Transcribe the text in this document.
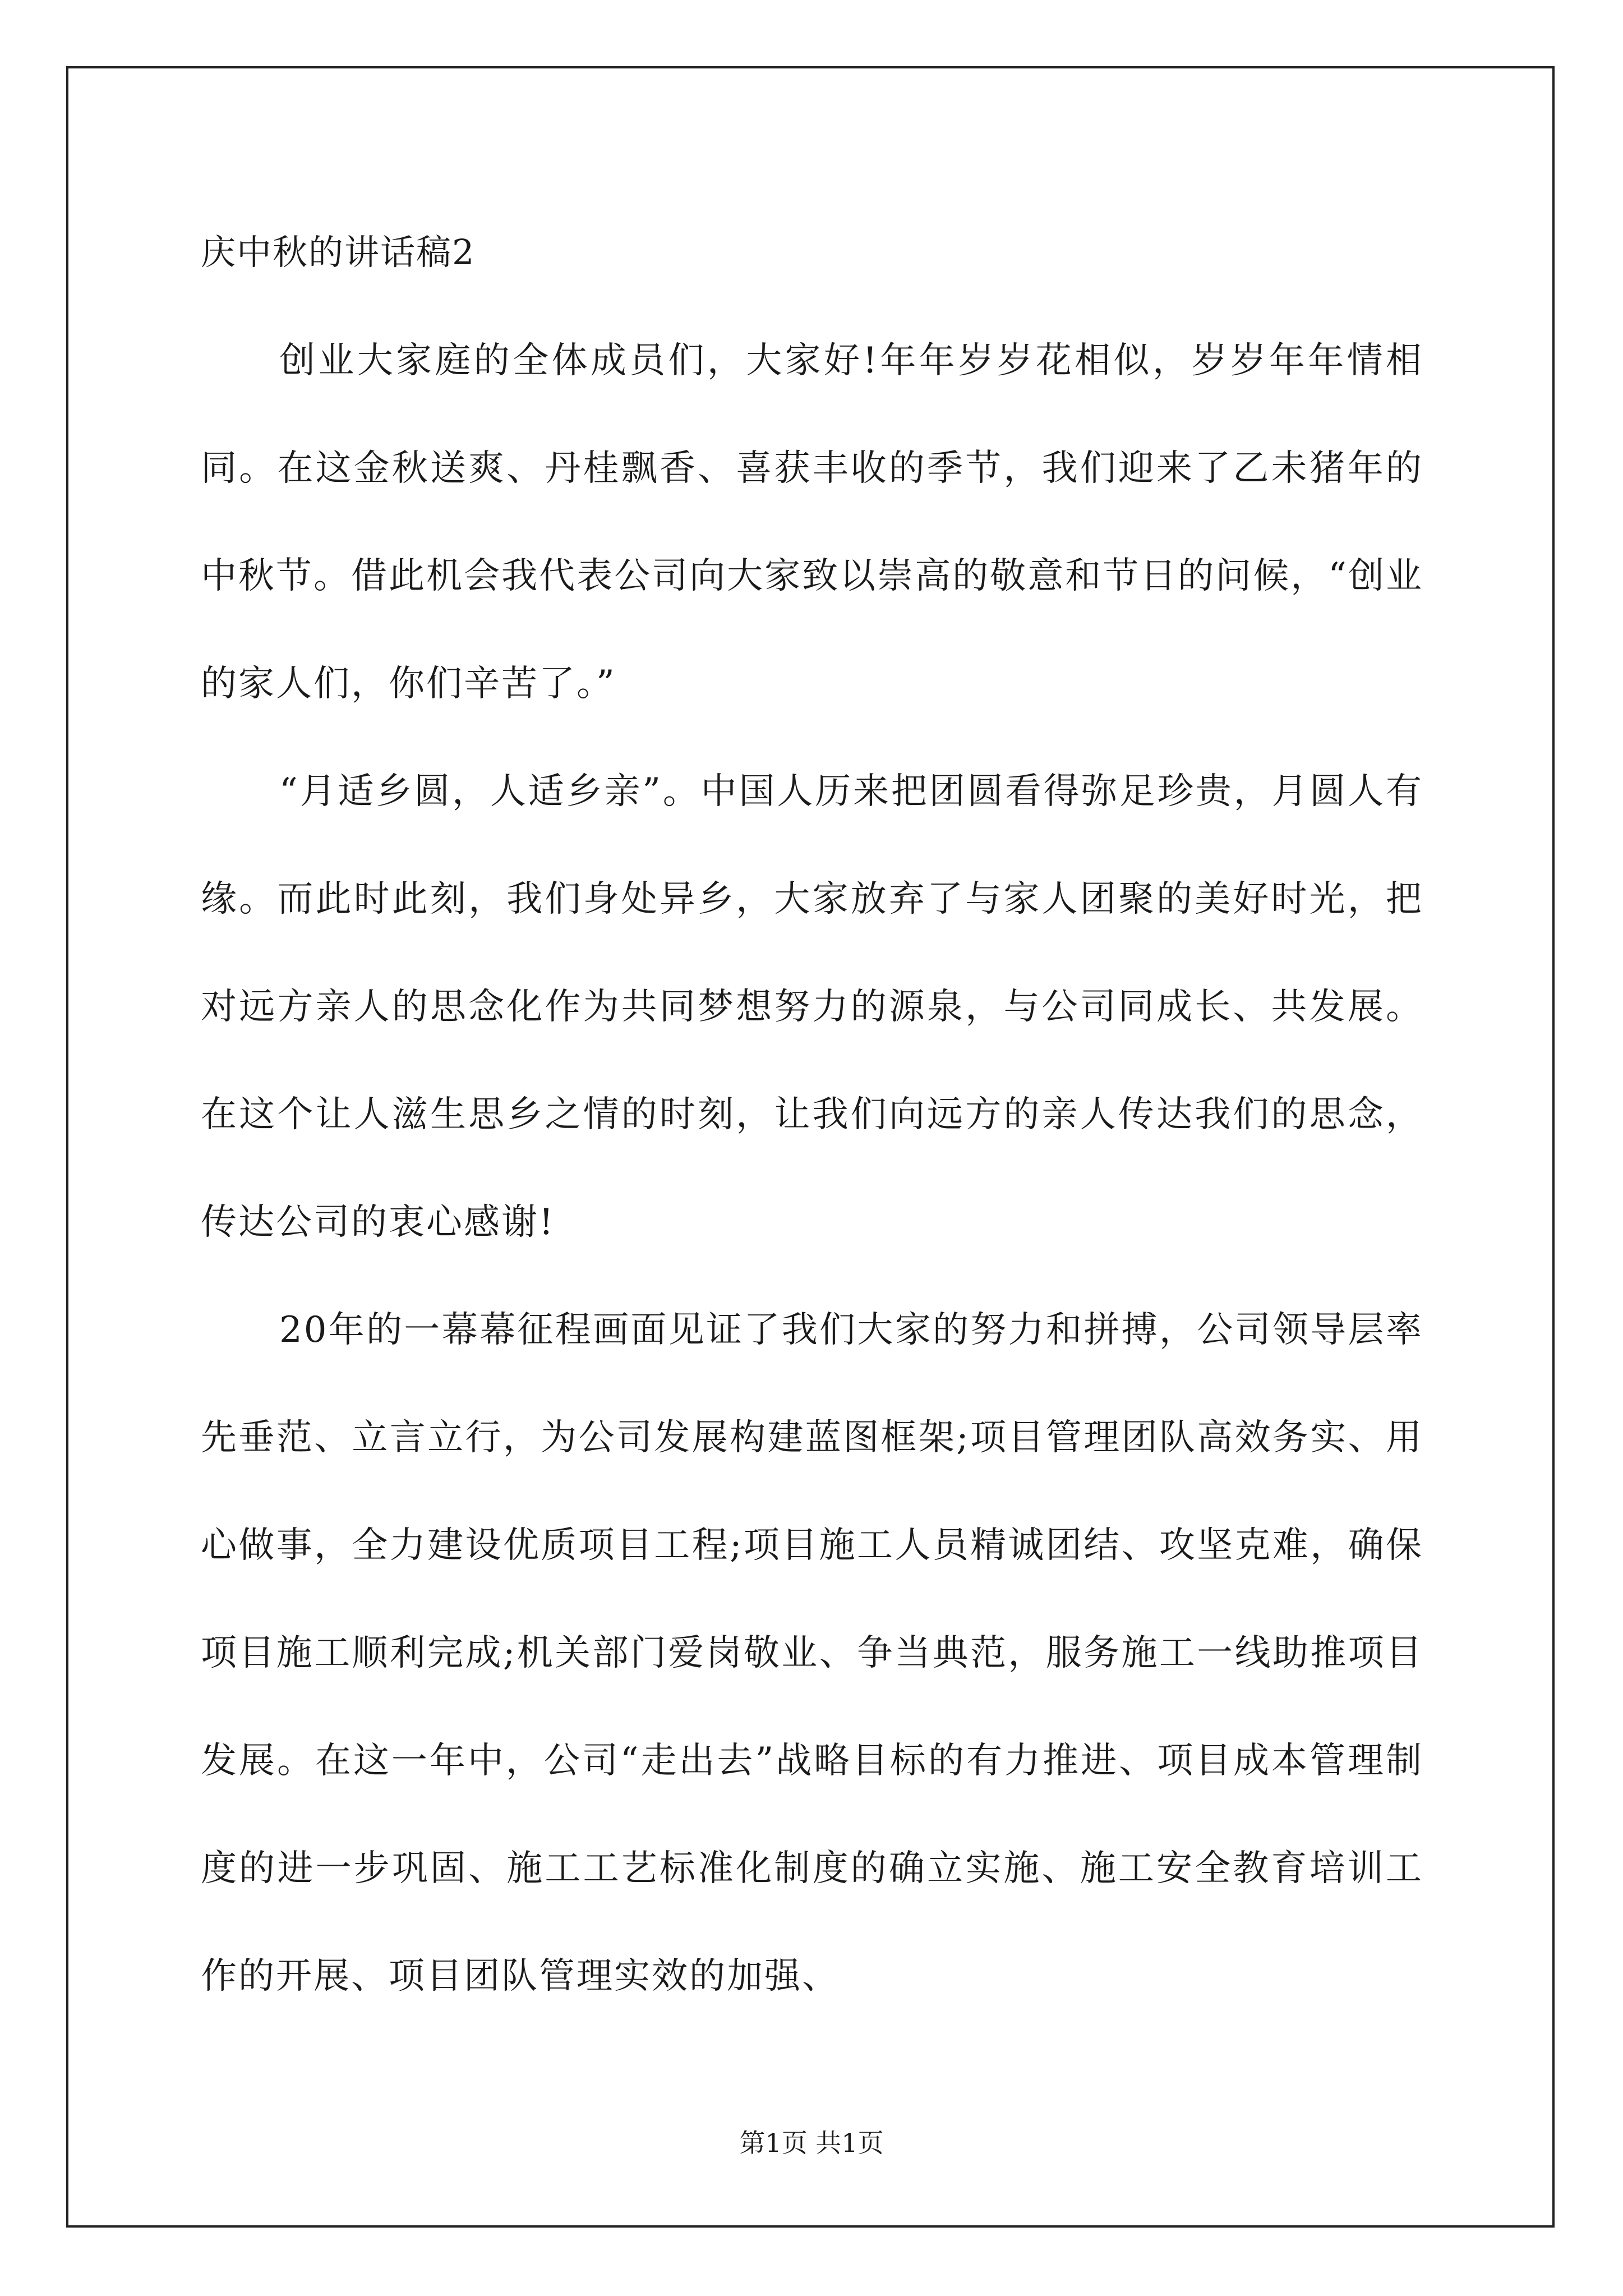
庆中秋的讲话稿2

创业大家庭的全体成员们，大家好!年年岁岁花相似，岁岁年年情相同。在这金秋送爽、丹桂飘香、喜获丰收的季节，我们迎来了乙未猪年的中秋节。借此机会我代表公司向大家致以崇高的敬意和节日的问候，“创业的家人们，你们辛苦了。”

“月适乡圆，人适乡亲”。中国人历来把团圆看得弥足珍贵，月圆人有缘。而此时此刻，我们身处异乡，大家放弃了与家人团聚的美好时光，把对远方亲人的思念化作为共同梦想努力的源泉，与公司同成长、共发展。在这个让人滋生思乡之情的时刻，让我们向远方的亲人传达我们的思念，传达公司的衷心感谢!

20年的一幕幕征程画面见证了我们大家的努力和拼搏，公司领导层率先垂范、立言立行，为公司发展构建蓝图框架;项目管理团队高效务实、用心做事，全力建设优质项目工程;项目施工人员精诚团结、攻坚克难，确保项目施工顺利完成;机关部门爱岗敬业、争当典范，服务施工一线助推项目发展。在这一年中，公司“走出去”战略目标的有力推进、项目成本管理制度的进一步巩固、施工工艺标准化制度的确立实施、施工安全教育培训工作的开展、项目团队管理实效的加强、

第1页 共1页
